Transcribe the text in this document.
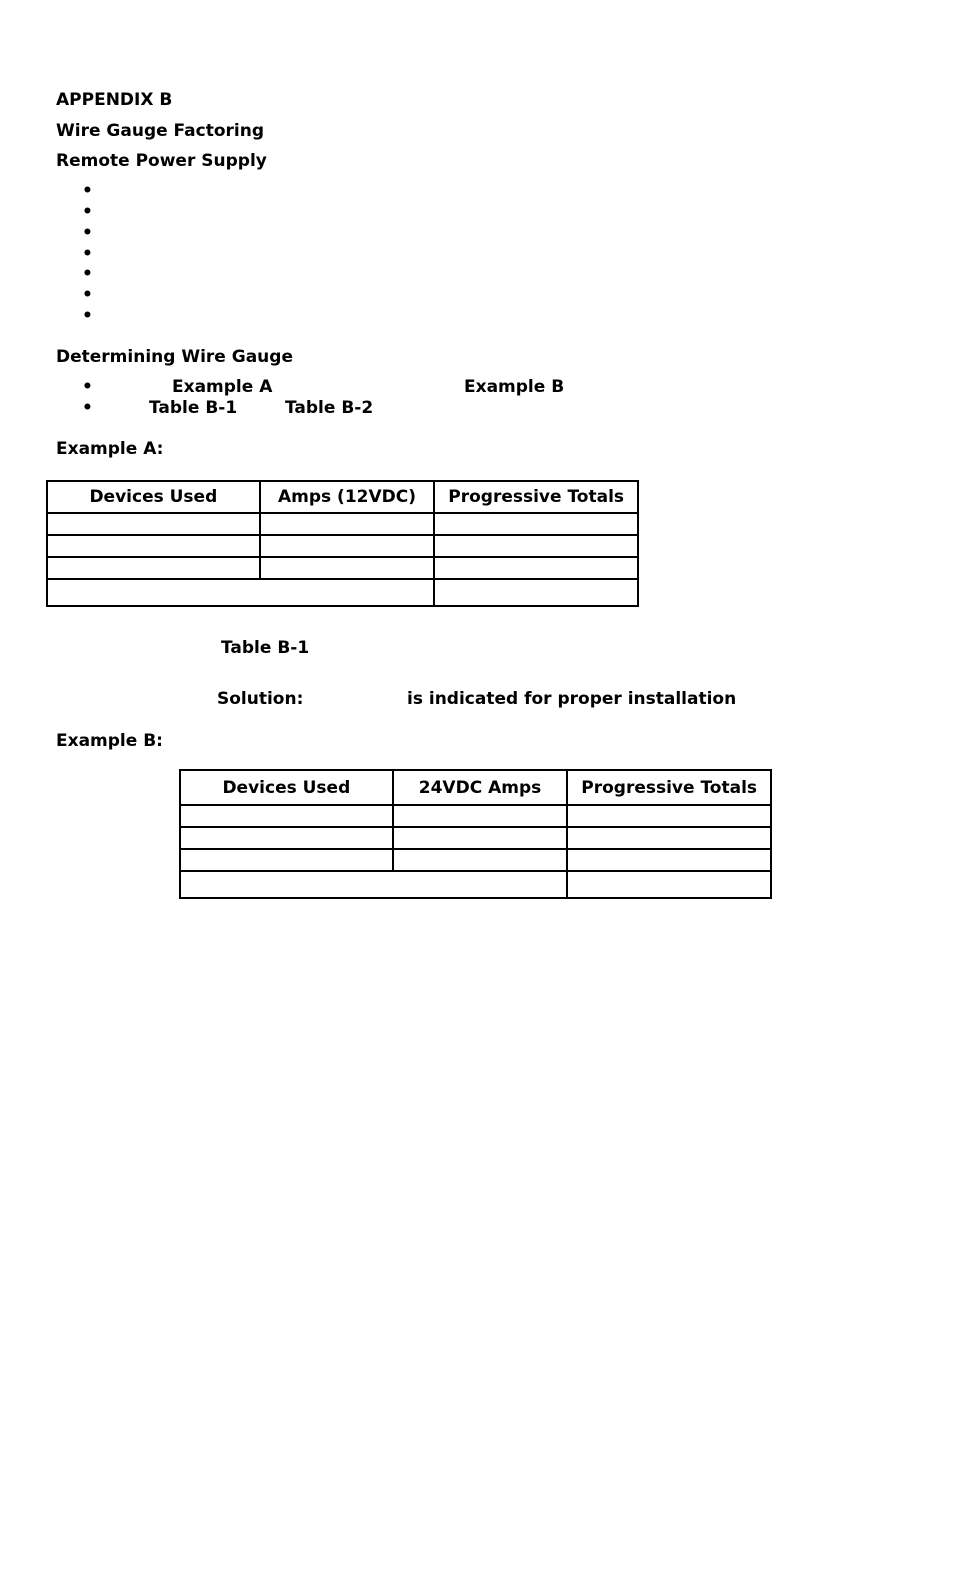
APPENDIX B
Wire Gauge Factoring
Remote Power Supply
•
•
•
•
•
•
•
Determining Wire Gauge
•
Example A	Example B
•
Table B-1	Table B-2
Example A:
Devices Used	Amps (12VDC)	Progressive Totals

Table B-1
Solution:	is indicated for proper installation
Example B:
Devices Used	24VDC Amps	Progressive Totals
